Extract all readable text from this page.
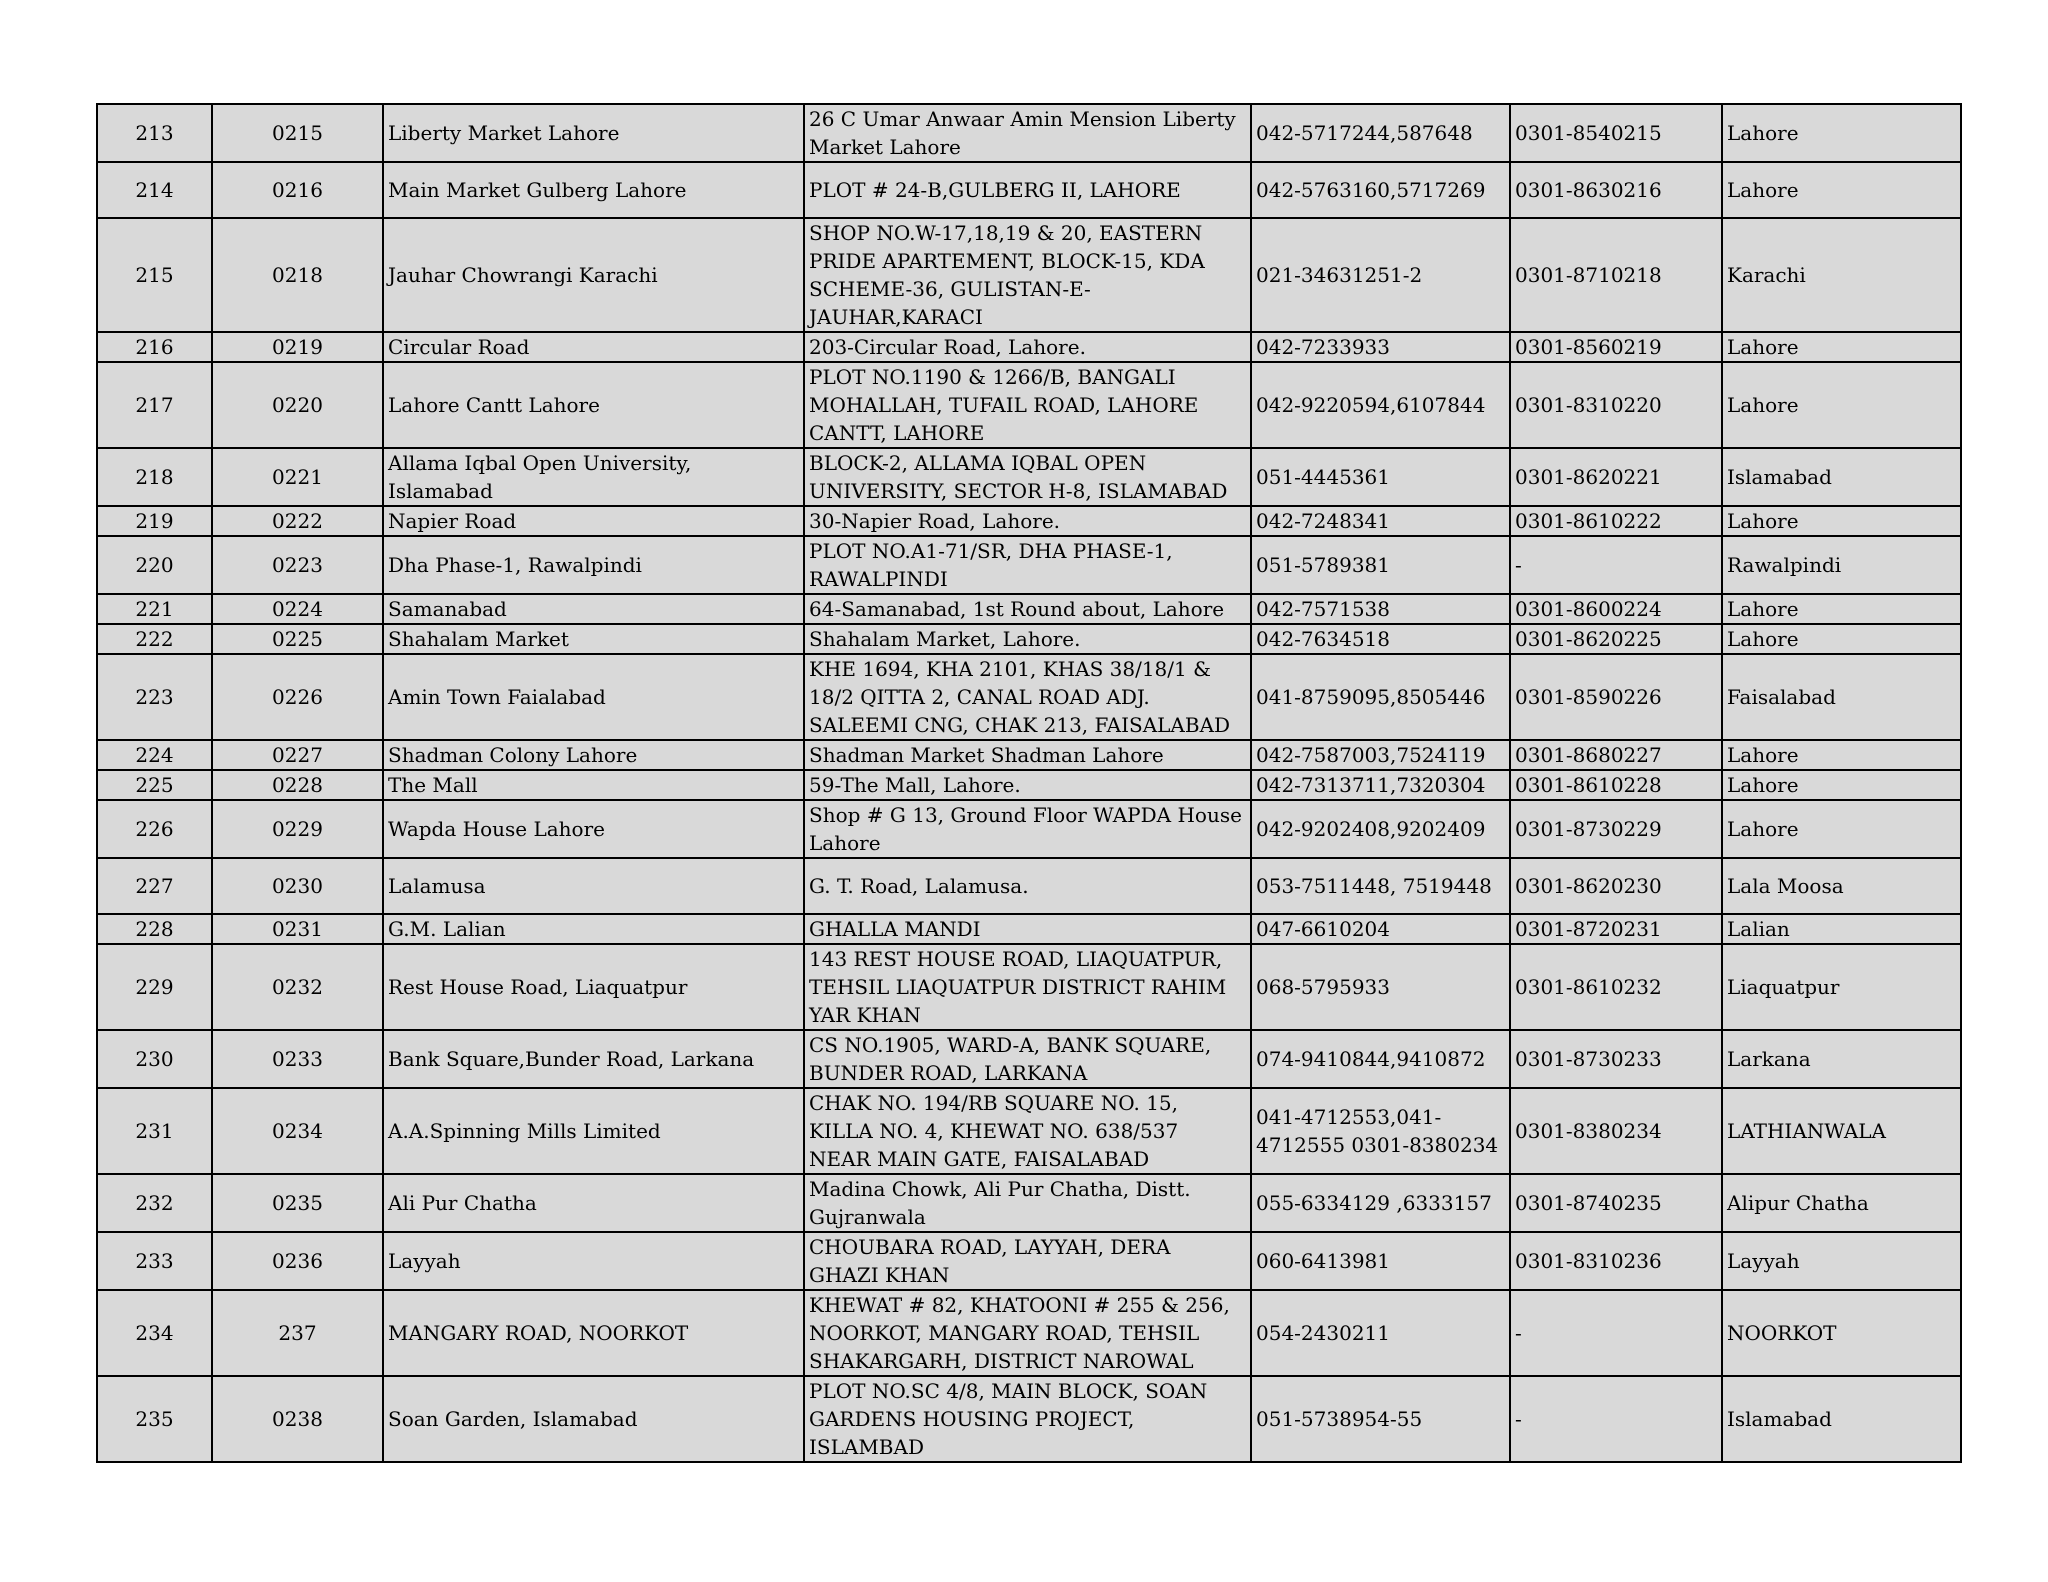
213	0215	Liberty Market Lahore	26 C Umar Anwaar Amin Mension Liberty Market Lahore	042-5717244,587648	0301-8540215	Lahore
214	0216	Main Market Gulberg Lahore	PLOT # 24-B,GULBERG II, LAHORE	042-5763160,5717269	0301-8630216	Lahore
215	0218	Jauhar Chowrangi Karachi	SHOP NO.W-17,18,19 & 20, EASTERN PRIDE APARTEMENT, BLOCK-15, KDA SCHEME-36, GULISTAN-E-JAUHAR,KARACI	021-34631251-2	0301-8710218	Karachi
216	0219	Circular Road	203-Circular Road, Lahore.	042-7233933	0301-8560219	Lahore
217	0220	Lahore Cantt Lahore	PLOT NO.1190 & 1266/B, BANGALI MOHALLAH, TUFAIL ROAD, LAHORE CANTT, LAHORE	042-9220594,6107844	0301-8310220	Lahore
218	0221	Allama Iqbal Open University, Islamabad	BLOCK-2, ALLAMA IQBAL OPEN UNIVERSITY, SECTOR H-8, ISLAMABAD	051-4445361	0301-8620221	Islamabad
219	0222	Napier Road	30-Napier Road, Lahore.	042-7248341	0301-8610222	Lahore
220	0223	Dha Phase-1, Rawalpindi	PLOT NO.A1-71/SR, DHA PHASE-1, RAWALPINDI	051-5789381	-	Rawalpindi
221	0224	Samanabad	64-Samanabad, 1st Round about, Lahore	042-7571538	0301-8600224	Lahore
222	0225	Shahalam Market	Shahalam Market, Lahore.	042-7634518	0301-8620225	Lahore
223	0226	Amin Town Faialabad	KHE 1694, KHA 2101, KHAS 38/18/1 & 18/2 QITTA 2, CANAL ROAD ADJ. SALEEMI CNG, CHAK 213, FAISALABAD	041-8759095,8505446	0301-8590226	Faisalabad
224	0227	Shadman Colony Lahore	Shadman Market Shadman Lahore	042-7587003,7524119	0301-8680227	Lahore
225	0228	The Mall	59-The Mall, Lahore.	042-7313711,7320304	0301-8610228	Lahore
226	0229	Wapda House Lahore	Shop # G 13, Ground Floor WAPDA House Lahore	042-9202408,9202409	0301-8730229	Lahore
227	0230	Lalamusa	G. T. Road, Lalamusa.	053-7511448, 7519448	0301-8620230	Lala Moosa
228	0231	G.M. Lalian	GHALLA MANDI	047-6610204	0301-8720231	Lalian
229	0232	Rest House Road, Liaquatpur	143 REST HOUSE ROAD, LIAQUATPUR, TEHSIL LIAQUATPUR DISTRICT RAHIM YAR KHAN	068-5795933	0301-8610232	Liaquatpur
230	0233	Bank Square,Bunder Road, Larkana	CS NO.1905, WARD-A, BANK SQUARE, BUNDER ROAD, LARKANA	074-9410844,9410872	0301-8730233	Larkana
231	0234	A.A.Spinning Mills Limited	CHAK NO. 194/RB SQUARE NO. 15, KILLA NO. 4, KHEWAT NO. 638/537 NEAR MAIN GATE, FAISALABAD	041-4712553,041-4712555 0301-8380234	0301-8380234	LATHIANWALA
232	0235	Ali Pur Chatha	Madina Chowk, Ali Pur Chatha, Distt. Gujranwala	055-6334129 ,6333157	0301-8740235	Alipur Chatha
233	0236	Layyah	CHOUBARA ROAD, LAYYAH, DERA GHAZI KHAN	060-6413981	0301-8310236	Layyah
234	237	MANGARY ROAD, NOORKOT	KHEWAT # 82, KHATOONI # 255 & 256, NOORKOT, MANGARY ROAD, TEHSIL SHAKARGARH, DISTRICT NAROWAL	054-2430211	-	NOORKOT
235	0238	Soan Garden, Islamabad	PLOT NO.SC 4/8, MAIN BLOCK, SOAN GARDENS HOUSING PROJECT, ISLAMBAD	051-5738954-55	-	Islamabad
